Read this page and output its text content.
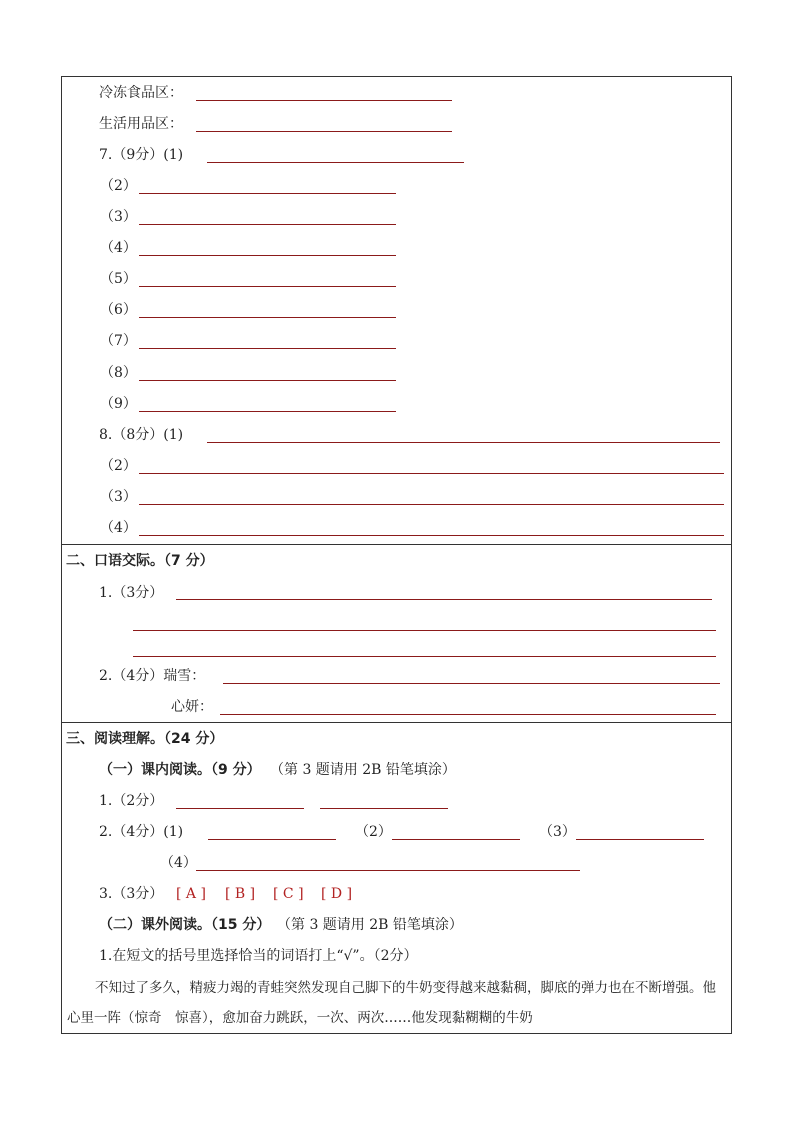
冷冻食品区：
生活用品区：
7.（9分）(1)
（2）
（3）
（4）
（5）
（6）
（7）
（8）
（9）
8.（8分）(1)
（2）
（3）
（4）
二、口语交际。（7 分）
1.（3分）
2.（4分）瑞雪：
心妍：
三、阅读理解。（24 分）
（一）课内阅读。（9 分） （第 3 题请用 2B 铅笔填涂）
1.（2分）
2.（4分）(1)	（2）	（3）
（4）
3.（3分） [ A ] [ B ] [ C ] [ D ]
（二）课外阅读。（15 分） （第 3 题请用 2B 铅笔填涂）
1.在短文的括号里选择恰当的词语打上“√”。（2分）
不知过了多久，精疲力竭的青蛙突然发现自己脚下的牛奶变得越来越黏稠，脚底的弹力也在不断增强。他心里一阵（惊奇　惊喜），愈加奋力跳跃，一次、两次……他发现黏糊糊的牛奶
